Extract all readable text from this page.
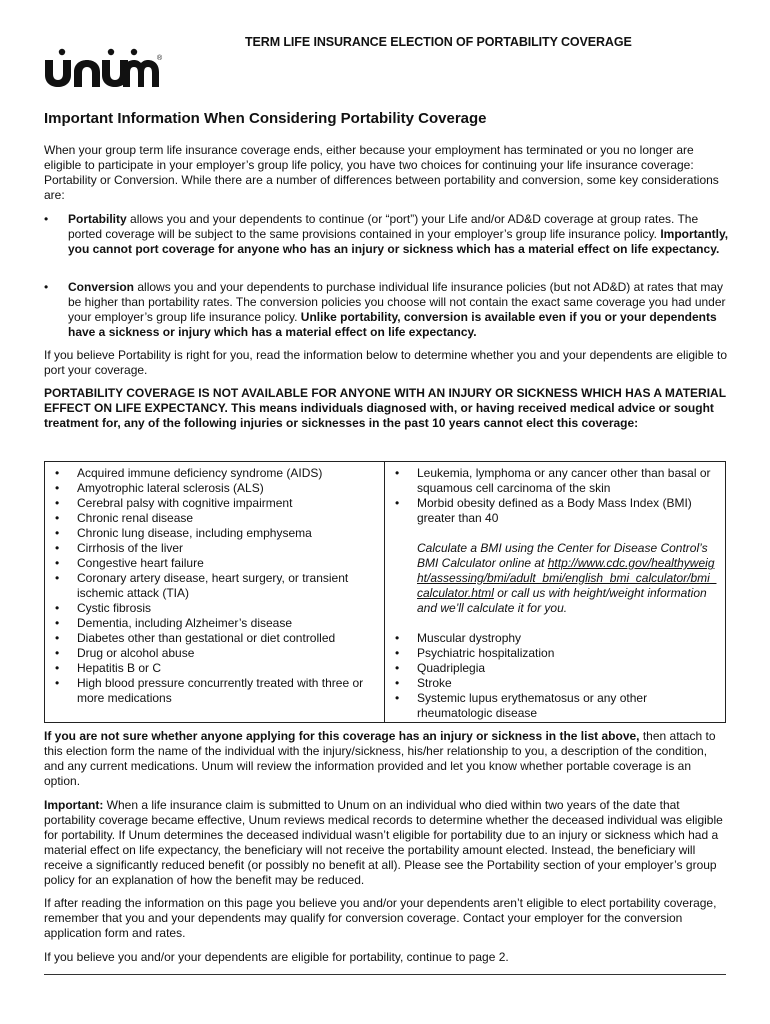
TERM LIFE INSURANCE ELECTION OF PORTABILITY COVERAGE
®
Important Information When Considering Portability Coverage

When your group term life insurance coverage ends, either because your employment has terminated or you no longer are eligible to participate in your employer’s group life policy, you have two choices for continuing your life insurance coverage: Portability or Conversion. While there are a number of differences between portability and conversion, some key considerations are:

• Portability allows you and your dependents to continue (or “port”) your Life and/or AD&D coverage at group rates. The ported coverage will be subject to the same provisions contained in your employer’s group life insurance policy. Importantly, you cannot port coverage for anyone who has an injury or sickness which has a material effect on life expectancy.
• Conversion allows you and your dependents to purchase individual life insurance policies (but not AD&D) at rates that may be higher than portability rates. The conversion policies you choose will not contain the exact same coverage you had under your employer’s group life insurance policy. Unlike portability, conversion is available even if you or your dependents have a sickness or injury which has a material effect on life expectancy.

If you believe Portability is right for you, read the information below to determine whether you and your dependents are eligible to port your coverage.

PORTABILITY COVERAGE IS NOT AVAILABLE FOR ANYONE WITH AN INJURY OR SICKNESS WHICH HAS A MATERIAL EFFECT ON LIFE EXPECTANCY. This means individuals diagnosed with, or having received medical advice or sought treatment for, any of the following injuries or sicknesses in the past 10 years cannot elect this coverage:

• Acquired immune deficiency syndrome (AIDS)
• Amyotrophic lateral sclerosis (ALS)
• Cerebral palsy with cognitive impairment
• Chronic renal disease
• Chronic lung disease, including emphysema
• Cirrhosis of the liver
• Congestive heart failure
• Coronary artery disease, heart surgery, or transient ischemic attack (TIA)
• Cystic fibrosis
• Dementia, including Alzheimer’s disease
• Diabetes other than gestational or diet controlled
• Drug or alcohol abuse
• Hepatitis B or C
• High blood pressure concurrently treated with three or more medications
• Leukemia, lymphoma or any cancer other than basal or squamous cell carcinoma of the skin
• Morbid obesity defined as a Body Mass Index (BMI) greater than 40
Calculate a BMI using the Center for Disease Control’s BMI Calculator online at http://www.cdc.gov/healthyweight/assessing/bmi/adult_bmi/english_bmi_calculator/bmi_calculator.html or call us with height/weight information and we’ll calculate it for you.
• Muscular dystrophy
• Psychiatric hospitalization
• Quadriplegia
• Stroke
• Systemic lupus erythematosus or any other rheumatologic disease

If you are not sure whether anyone applying for this coverage has an injury or sickness in the list above, then attach to this election form the name of the individual with the injury/sickness, his/her relationship to you, a description of the condition, and any current medications. Unum will review the information provided and let you know whether portable coverage is an option.

Important: When a life insurance claim is submitted to Unum on an individual who died within two years of the date that portability coverage became effective, Unum reviews medical records to determine whether the deceased individual was eligible for portability. If Unum determines the deceased individual wasn’t eligible for portability due to an injury or sickness which had a material effect on life expectancy, the beneficiary will not receive the portability amount elected. Instead, the beneficiary will receive a significantly reduced benefit (or possibly no benefit at all). Please see the Portability section of your employer’s group policy for an explanation of how the benefit may be reduced.

If after reading the information on this page you believe you and/or your dependents aren’t eligible to elect portability coverage, remember that you and your dependents may qualify for conversion coverage. Contact your employer for the conversion application form and rates.

If you believe you and/or your dependents are eligible for portability, continue to page 2.
